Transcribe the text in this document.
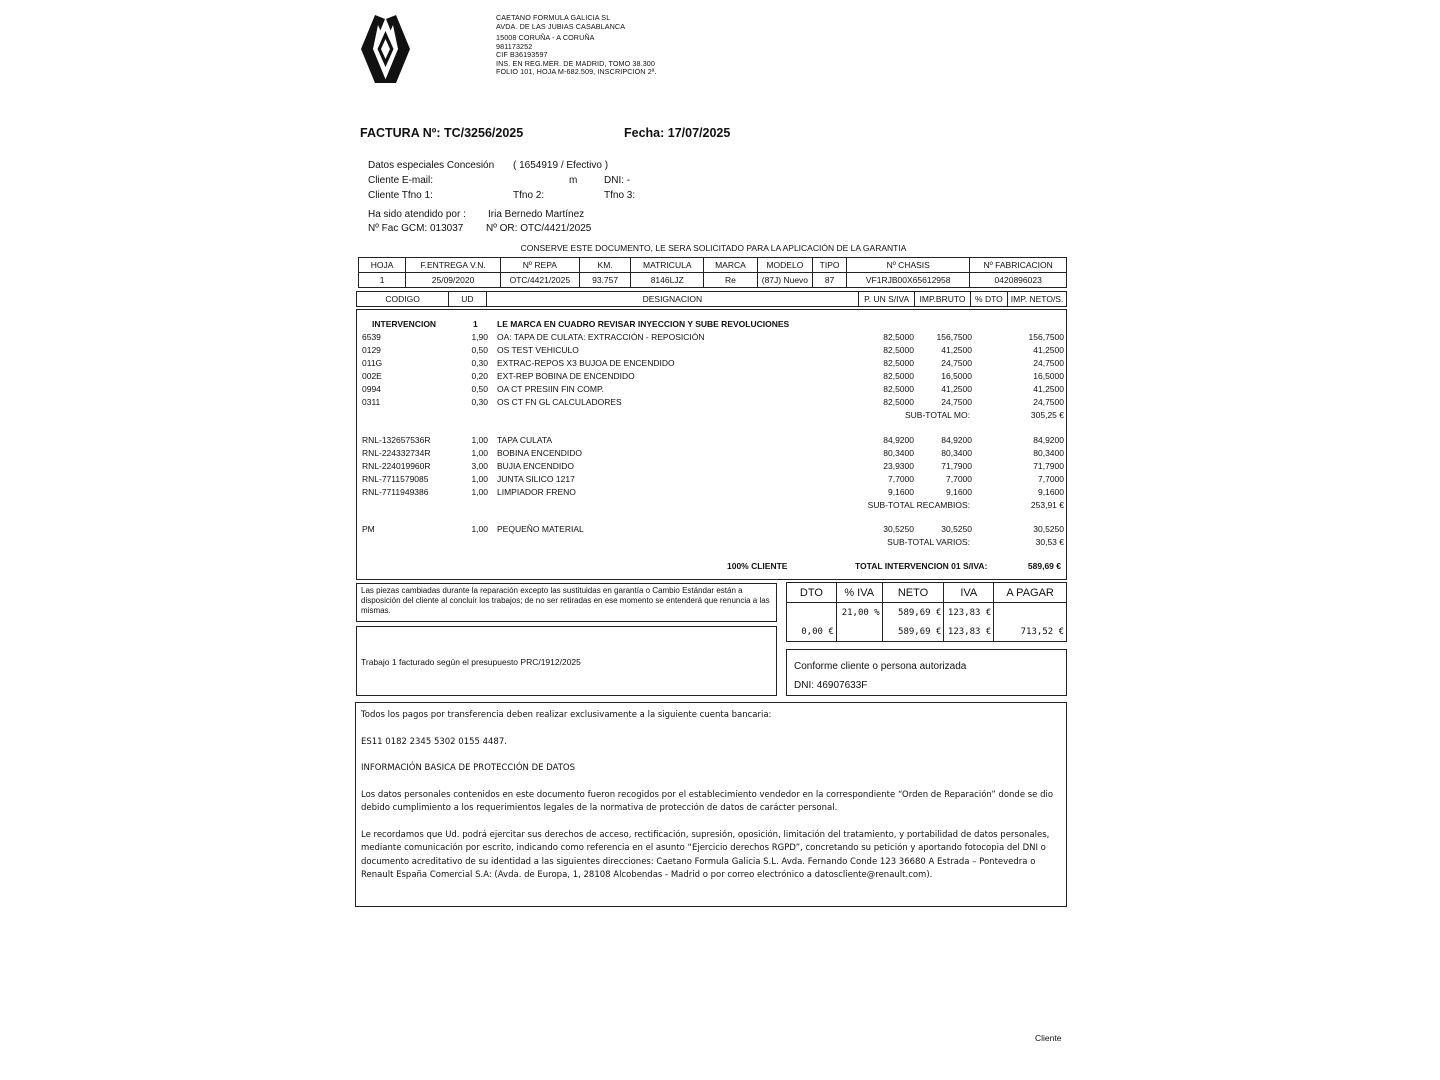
CAETANO FORMULA GALICIA SL
AVDA. DE LAS JUBIAS CASABLANCA
15008 CORUÑA - A CORUÑA
981173252
CIF B36193597
INS. EN REG.MER. DE MADRID, TOMO 38.300
FOLIO 101, HOJA M-682.509, INSCRIPCION 2ª.
FACTURA Nº: TC/3256/2025	Fecha: 17/07/2025
Datos especiales Concesión ( 1654919 / Efectivo )
Cliente E-mail:	m	DNI: -
Cliente Tfno 1:	Tfno 2:	Tfno 3:
Ha sido atendido por : Iria Bernedo Martínez
Nº Fac GCM: 013037 Nº OR: OTC/4421/2025
CONSERVE ESTE DOCUMENTO, LE SERA SOLICITADO PARA LA APLICACIÓN DE LA GARANTIA
HOJA	F.ENTREGA V.N.	Nº REPA	KM.	MATRICULA	MARCA	MODELO	TIPO	Nº CHASIS	Nº FABRICACION
1	25/09/2020	OTC/4421/2025	93.757	8146LJZ	Re	(87J) Nuevo	87	VF1RJB00X65612958	0420896023
CODIGO	UD	DESIGNACION	P. UN S/IVA	IMP.BRUTO	% DTO	IMP. NETO/S.
INTERVENCION	1 LE MARCA EN CUADRO REVISAR INYECCION Y SUBE REVOLUCIONES
6539	1,90 OA: TAPA DE CULATA: EXTRACCIÓN - REPOSICIÓN	82,5000	156,7500	156,7500
0129	0,50 OS TEST VEHICULO	82,5000	41,2500	41,2500
011G	0,30 EXTRAC-REPOS X3 BUJOA DE ENCENDIDO	82,5000	24,7500	24,7500
002E	0,20 EXT-REP BOBINA DE ENCENDIDO	82,5000	16,5000	16,5000
0994	0,50 OA CT PRESIIN FIN COMP.	82,5000	41,2500	41,2500
0311	0,30 OS CT FN GL CALCULADORES	82,5000	24,7500	24,7500
SUB-TOTAL MO:	305,25 €
RNL-132657536R	1,00 TAPA CULATA	84,9200	84,9200	84,9200
RNL-224332734R	1,00 BOBINA ENCENDIDO	80,3400	80,3400	80,3400
RNL-224019960R	3,00 BUJIA ENCENDIDO	23,9300	71,7900	71,7900
RNL-7711579085	1,00 JUNTA SILICO 1217	7,7000	7,7000	7,7000
RNL-7711949386	1,00 LIMPIADOR FRENO	9,1600	9,1600	9,1600
SUB-TOTAL RECAMBIOS:	253,91 €
PM	1,00 PEQUEÑO MATERIAL	30,5250	30,5250	30,5250
SUB-TOTAL VARIOS:	30,53 €
100% CLIENTE	TOTAL INTERVENCION 01 S/IVA:	589,69 €
Las piezas cambiadas durante la reparación excepto las sustituidas en garantía o Cambio Estándar están a disposición del cliente al concluir los trabajos; de no ser retiradas en ese momento se entenderá que renuncia a las mismas.
DTO	% IVA	NETO	IVA	A PAGAR
	21,00 %	589,69 €	123,83 €	
0,00 €		589,69 €	123,83 €	713,52 €
Trabajo 1 facturado según el presupuesto PRC/1912/2025	Conforme cliente o persona autorizada
DNI: 46907633F

Todos los pagos por transferencia deben realizar exclusivamente a la siguiente cuenta bancaria:

ES11 0182 2345 5302 0155 4487.

INFORMACIÓN BASICA DE PROTECCIÓN DE DATOS

Los datos personales contenidos en este documento fueron recogidos por el establecimiento vendedor en la correspondiente “Orden de Reparación” donde se dio debido cumplimiento a los requerimientos legales de la normativa de protección de datos de carácter personal.

Le recordamos que Ud. podrá ejercitar sus derechos de acceso, rectificación, supresión, oposición, limitación del tratamiento, y portabilidad de datos personales, mediante comunicación por escrito, indicando como referencia en el asunto “Ejercicio derechos RGPD”, concretando su petición y aportando fotocopia del DNI o documento acreditativo de su identidad a las siguientes direcciones: Caetano Formula Galicia S.L. Avda. Fernando Conde 123 36680 A Estrada – Pontevedra o Renault España Comercial S.A: (Avda. de Europa, 1, 28108 Alcobendas - Madrid o por correo electrónico a datoscliente@renault.com).

Cliente
